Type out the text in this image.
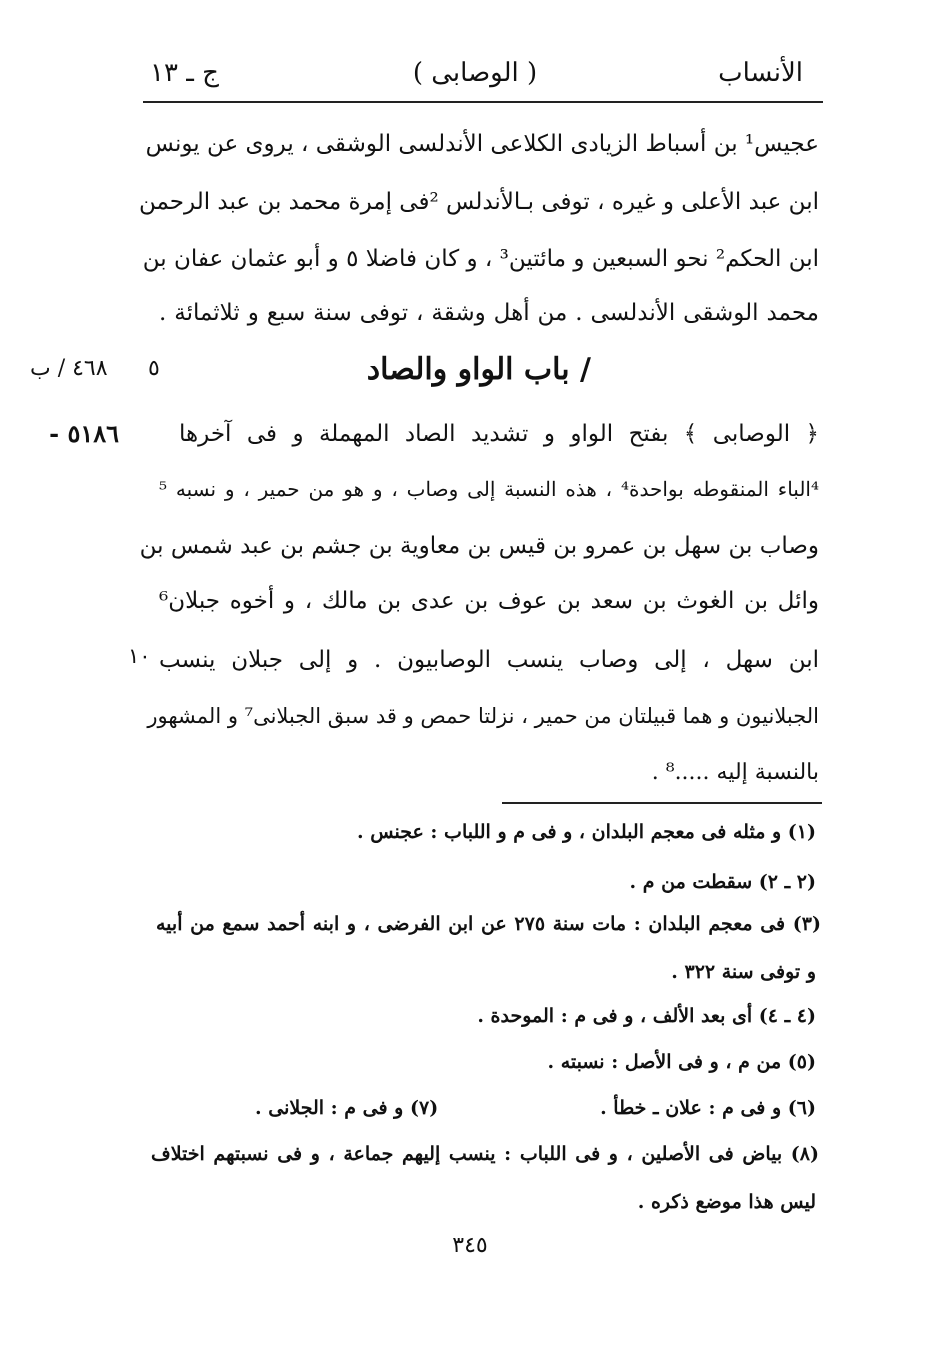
الأنساب
( الوصابى )
ج ـ ١٣
عجيس¹ بن أسباط الزيادى الكلاعى الأندلسى الوشقى ، يروى عن يونس
ابن عبد الأعلى و غيره ، توفى بـالأندلس ²فى إمرة محمد بن عبد الرحمن
ابن الحكم² نحو السبعين و مائتين³ ، و كان فاضلا ٥ و أبو عثمان عفان بن
محمد الوشقى الأندلسى . من أهل وشقة ، توفى سنة سبع و ثلاثمائة .
/ باب الواو والصاد
٥
٤٦٨ / ب
٥١٨٦ -	﴿ الوصابى ﴾ بفتح الواو و تشديد الصاد المهملة و فى آخرها
⁴الباء المنقوطه بواحدة⁴ ، هذه النسبة إلى وصاب ، و هو من حمير ، و نسبه ⁵
وصاب بن سهل بن عمرو بن قيس بن معاوية بن جشم بن عبد شمس بن
وائل بن الغوث بن سعد بن عوف بن عدى بن مالك ، و أخوه جبلان⁶
ابن سهل ، إلى وصاب ينسب الوصابيون . و إلى جبلان ينسب
الجبلانيون و هما قبيلتان من حمير ، نزلتا حمص و قد سبق الجبلانى⁷ و المشهور
بالنسبة إليه .....⁸ .
١٠
(١) و مثله فى معجم البلدان ، و فى م و اللباب : عجنس .
(٢ ـ ٢) سقطت من م .
(٣) فى معجم البلدان : مات سنة ٢٧٥ عن ابن الفرضى ، و ابنه أحمد سمع من أبيه
و توفى سنة ٣٢٢ .
(٤ ـ ٤) أى بعد الألف ، و فى م : الموحدة .
(٥) من م ، و فى الأصل : نسبته .
(٦) و فى م : علان ـ خطأ .
(٧) و فى م : الجلانى .
(٨) بياض فى الأصلين ، و فى اللباب : ينسب إليهم جماعة ، و فى نسبتهم اختلاف
ليس هذا موضع ذكره .
٣٤٥
